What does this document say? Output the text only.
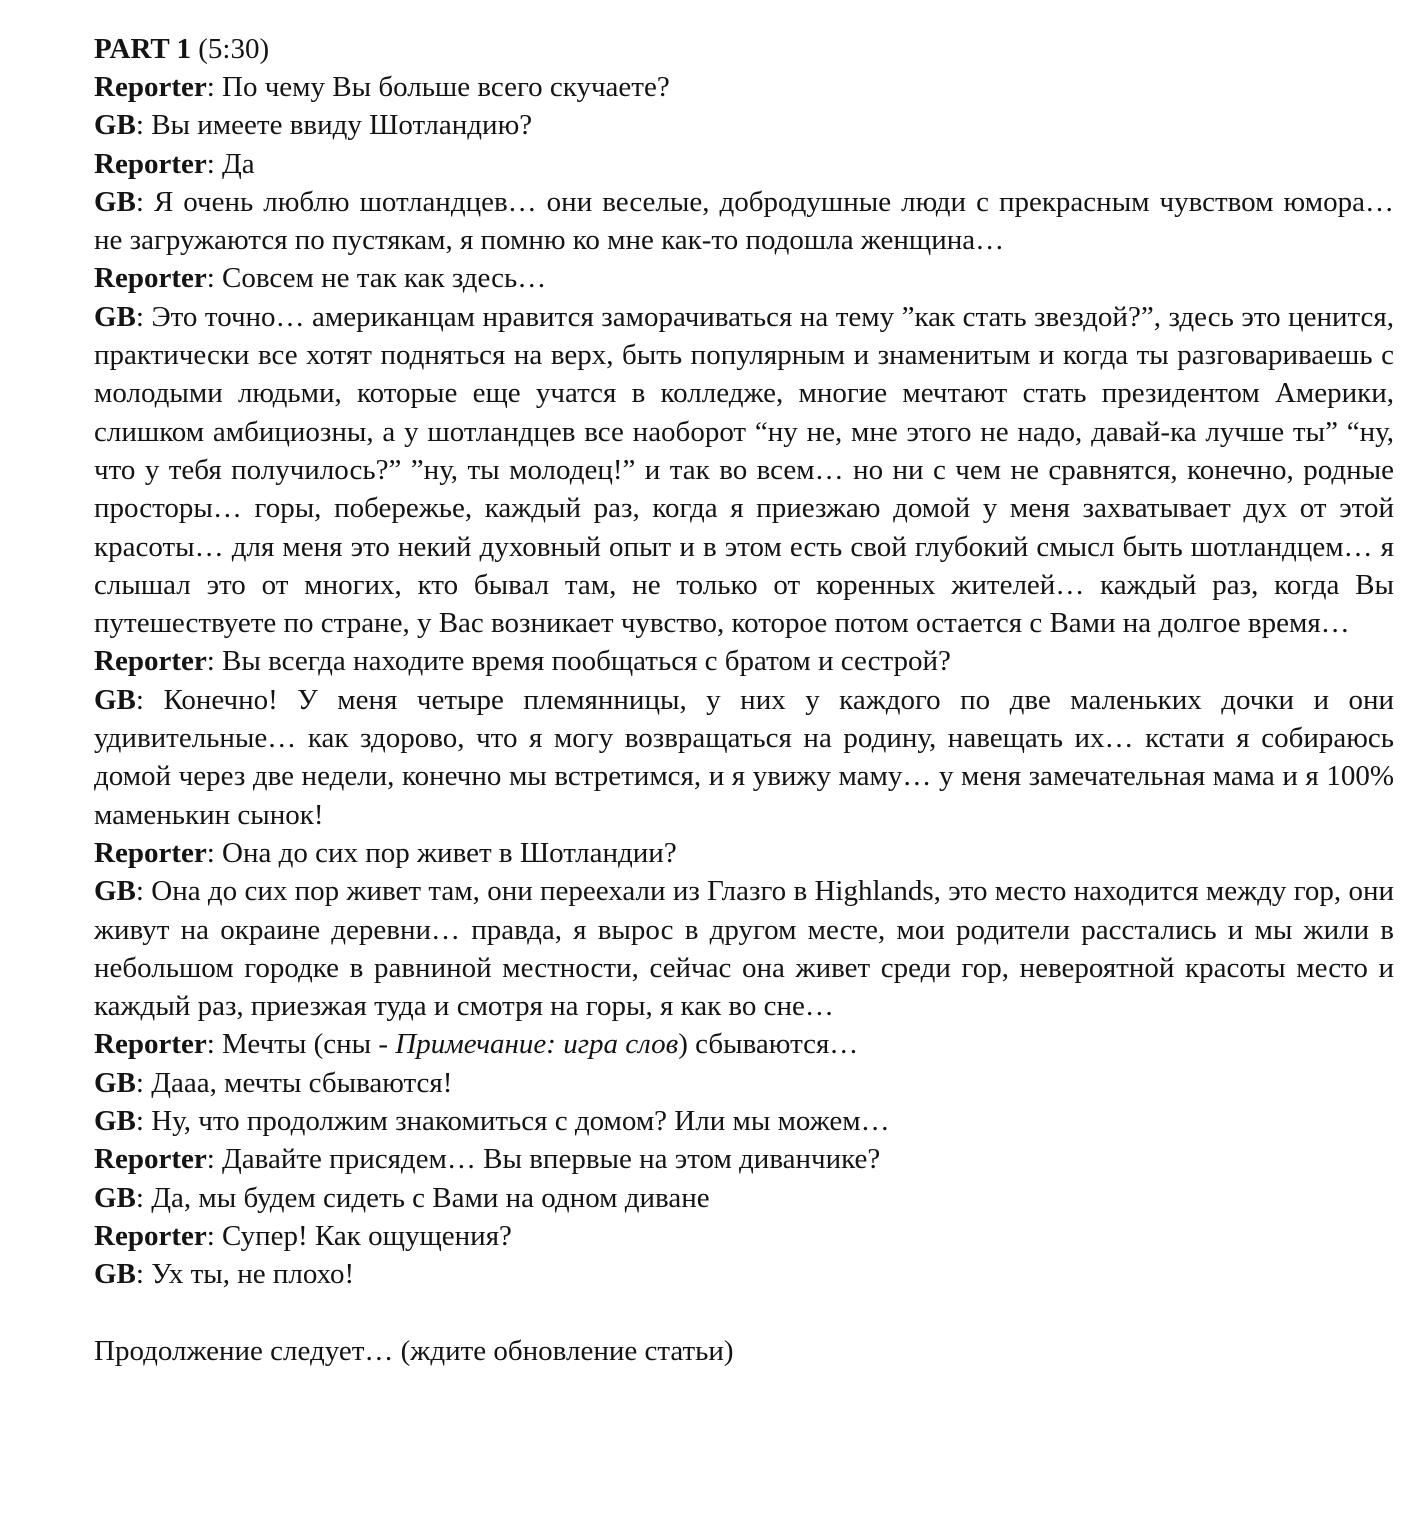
PART 1 (5:30)

Reporter: По чему Вы больше всего скучаете?

GB: Вы имеете ввиду Шотландию?

Reporter: Да

GB: Я очень люблю шотландцев… они веселые, добродушные люди с прекрасным чувством юмора… не загружаются по пустякам, я помню ко мне как-то подошла женщина…

Reporter: Совсем не так как здесь…

GB: Это точно… американцам нравится заморачиваться на тему ”как стать звездой?”, здесь это ценится, практически все хотят подняться на верх, быть популярным и знаменитым и когда ты разговариваешь с молодыми людьми, которые еще учатся в колледже, многие мечтают стать президентом Америки, слишком амбициозны, а у шотландцев все наоборот “ну не, мне этого не надо, давай-ка лучше ты” “ну, что у тебя получилось?” ”ну, ты молодец!” и так во всем… но ни с чем не сравнятся, конечно, родные просторы… горы, побережье, каждый раз, когда я приезжаю домой у меня захватывает дух от этой красоты… для меня это некий духовный опыт и в этом есть свой глубокий смысл быть шотландцем… я слышал это от многих, кто бывал там, не только от коренных жителей… каждый раз, когда Вы путешествуете по стране, у Вас возникает чувство, которое потом остается с Вами на долгое время…

Reporter: Вы всегда находите время пообщаться с братом и сестрой?

GB: Конечно! У меня четыре племянницы, у них у каждого по две маленьких дочки и они удивительные… как здорово, что я могу возвращаться на родину, навещать их… кстати я собираюсь домой через две недели, конечно мы встретимся, и я увижу маму… у меня замечательная мама и я 100% маменькин сынок!

Reporter: Она до сих пор живет в Шотландии?

GB: Она до сих пор живет там, они переехали из Глазго в Highlands, это место находится между гор, они живут на окраине деревни… правда, я вырос в другом месте, мои родители расстались и мы жили в небольшом городке в равниной местности, сейчас она живет среди гор, невероятной красоты место и каждый раз, приезжая туда и смотря на горы, я как во сне…

Reporter: Мечты (сны - Примечание: игра слов) сбываются…

GB: Дааа, мечты сбываются!

GB: Ну, что продолжим знакомиться с домом? Или мы можем…

Reporter: Давайте присядем… Вы впервые на этом диванчике?

GB: Да, мы будем сидеть с Вами на одном диване

Reporter: Супер! Как ощущения?

GB: Ух ты, не плохо!

Продолжение следует… (ждите обновление статьи)
